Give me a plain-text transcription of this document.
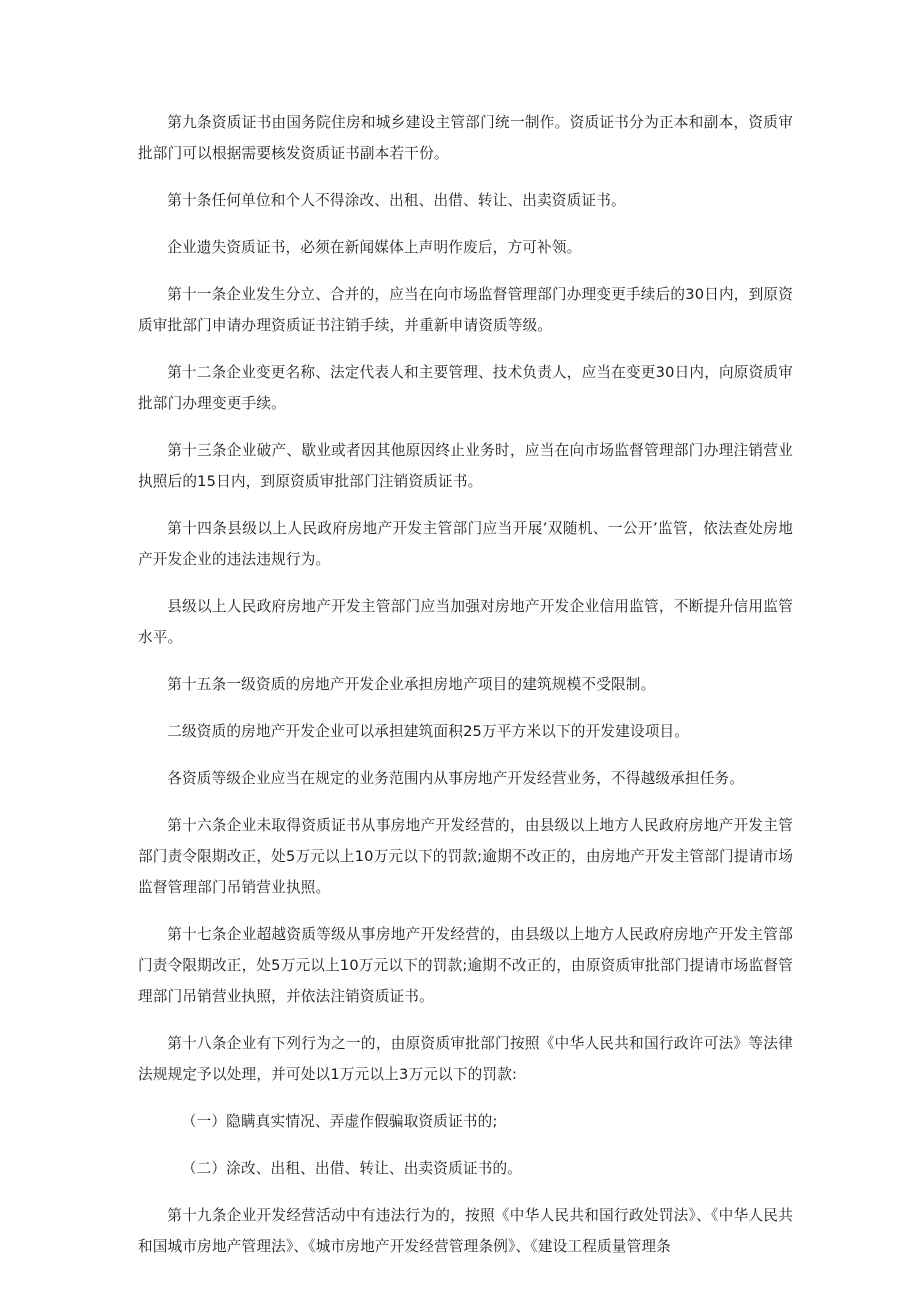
第九条资质证书由国务院住房和城乡建设主管部门统一制作。资质证书分为正本和副本，资质审批部门可以根据需要核发资质证书副本若干份。

第十条任何单位和个人不得涂改、出租、出借、转让、出卖资质证书。

企业遗失资质证书，必须在新闻媒体上声明作废后，方可补领。

第十一条企业发生分立、合并的，应当在向市场监督管理部门办理变更手续后的30日内，到原资质审批部门申请办理资质证书注销手续，并重新申请资质等级。

第十二条企业变更名称、法定代表人和主要管理、技术负责人，应当在变更30日内，向原资质审批部门办理变更手续。

第十三条企业破产、歇业或者因其他原因终止业务时，应当在向市场监督管理部门办理注销营业执照后的15日内，到原资质审批部门注销资质证书。

第十四条县级以上人民政府房地产开发主管部门应当开展’双随机、一公开’监管，依法查处房地产开发企业的违法违规行为。

县级以上人民政府房地产开发主管部门应当加强对房地产开发企业信用监管，不断提升信用监管水平。

第十五条一级资质的房地产开发企业承担房地产项目的建筑规模不受限制。

二级资质的房地产开发企业可以承担建筑面积25万平方米以下的开发建设项目。

各资质等级企业应当在规定的业务范围内从事房地产开发经营业务，不得越级承担任务。

第十六条企业未取得资质证书从事房地产开发经营的，由县级以上地方人民政府房地产开发主管部门责令限期改正，处5万元以上10万元以下的罚款;逾期不改正的，由房地产开发主管部门提请市场监督管理部门吊销营业执照。

第十七条企业超越资质等级从事房地产开发经营的，由县级以上地方人民政府房地产开发主管部门责令限期改正，处5万元以上10万元以下的罚款;逾期不改正的，由原资质审批部门提请市场监督管理部门吊销营业执照，并依法注销资质证书。

第十八条企业有下列行为之一的，由原资质审批部门按照《中华人民共和国行政许可法》等法律法规规定予以处理，并可处以1万元以上3万元以下的罚款:

（一）隐瞒真实情况、弄虚作假骗取资质证书的;

（二）涂改、出租、出借、转让、出卖资质证书的。

第十九条企业开发经营活动中有违法行为的，按照《中华人民共和国行政处罚法》、《中华人民共和国城市房地产管理法》、《城市房地产开发经营管理条例》、《建设工程质量管理条
